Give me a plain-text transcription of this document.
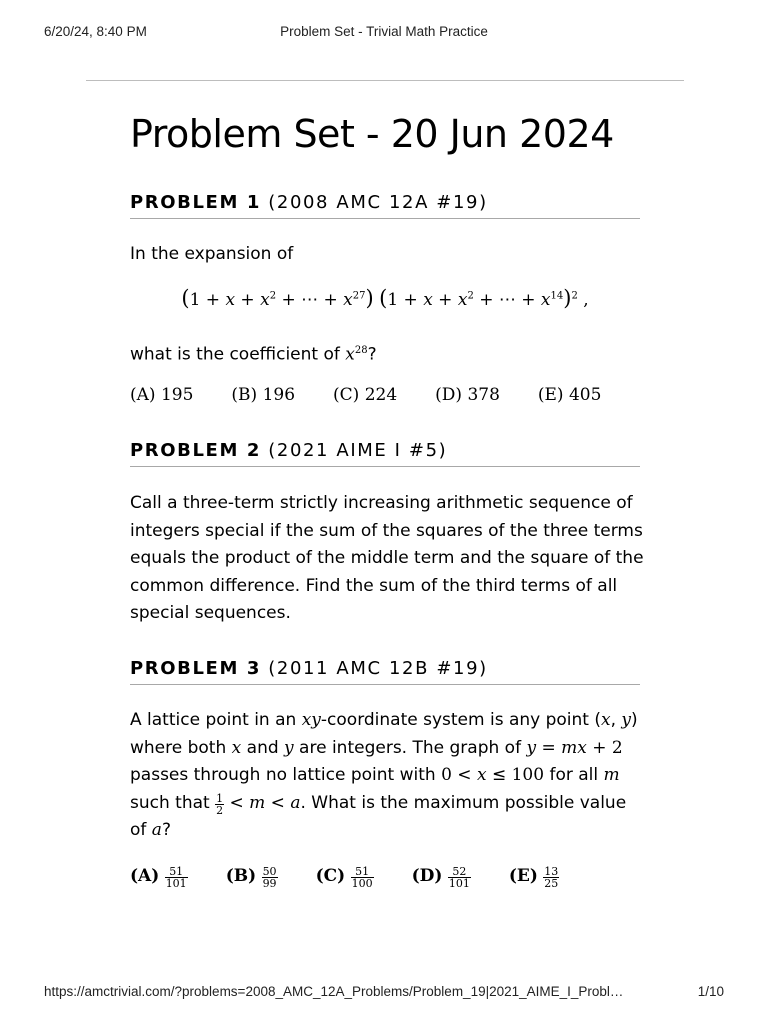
6/20/24, 8:40 PM	Problem Set - Trivial Math Practice
Problem Set - 20 Jun 2024
PROBLEM 1 (2008 AMC 12A #19)
In the expansion of
($1 + x + x^2$ + ⋯ + $x^{27}$) ($1 + x + x^2$ + ⋯ + $x^{14})^2$ ,
what is the coefficient of $x^{28}$?
(A) 195 (B) 196 (C) 224 (D) 378 (E) 405
PROBLEM 2 (2021 AIME I #5)
Call a three-term strictly increasing arithmetic sequence of integers special if the sum of the squares of the three terms equals the product of the middle term and the square of the common difference. Find the sum of the third terms of all special sequences.
PROBLEM 3 (2011 AMC 12B #19)
A lattice point in an xy-coordinate system is any point (x, y) where both x and y are integers. The graph of y = mx + 2 passes through no lattice point with 0 < x ≤ 100 for all m such that $\frac{1}{2} < m < a$. What is the maximum possible value of a?
$(A) \frac{51}{101} (B) \frac{50}{99} (C) \frac{51}{100} (D) \frac{52}{101} (E) \frac{13}{25}$
https://amctrivial.com/?problems=2008_AMC_12A_Problems/Problem_19|2021_AIME_I_Probl…	1/10
